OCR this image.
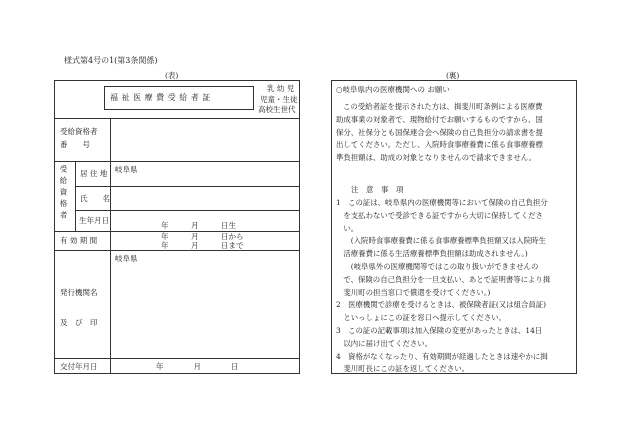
様式第4号の1(第3条関係)
(表)	(裏)
福 祉 医 療 費 受 給 者 証
乳 幼 児
児童・生徒
高校生世代
受給資格者
番　　号
受給資格者 居 住 地 岐阜県
氏　　名
生年月日
年　　　月　　　日生
有 効 期 間	年　　　月　　　日から
年　　　月　　　日まで
発行機関名
及　び　印
岐阜県
交付年月日	年　　　　月　　　　日
○岐阜県内の医療機関への お願い
この受給者証を提示された方は、揖斐川町条例による医療費
助成事業の対象者で、現物給付でお願いするものですから、国
保分、社保分とも国保連合会へ保険の自己負担分の請求書を提
出してください。ただし、入院時食事療養費に係る食事療養標
準負担額は、助成の対象となりませんので請求できません。
注　意　事　項
1　この証は、岐阜県内の医療機関等において保険の自己負担分
　を支払わないで受診できる証ですから大切に保持してくださ
　い。
　　(入院時食事療養費に係る食事療養標準負担額又は入院時生
　活療養費に係る生活療養標準負担額は助成されません。)
　　(岐阜県外の医療機関等ではこの取り扱いができませんの
　で、保険の自己負担分を一旦支払い、あとで証明書等により揖
　斐川町の担当窓口で償還を受けてください。)
2　医療機関で診療を受けるときは、被保険者証(又は組合員証)
　といっしょにこの証を窓口へ提示してください。
3　この証の記載事項は加入保険の変更があったときは、14日
　以内に届け出てください。
4　資格がなくなったり、有効期間が経過したときは速やかに揖
　斐川町長にこの証を返してください。
